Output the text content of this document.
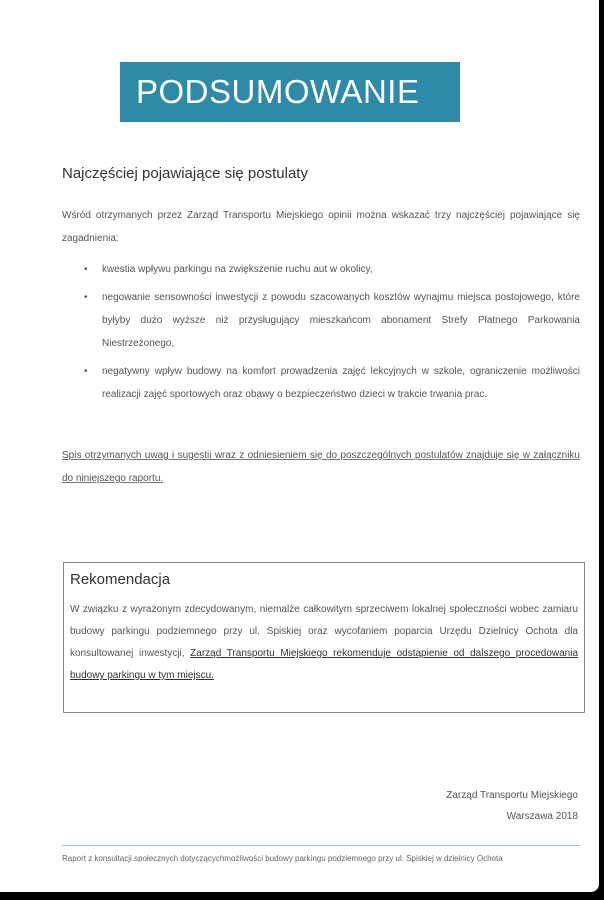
PODSUMOWANIE
Najczęściej pojawiające się postulaty
Wśród otrzymanych przez Zarząd Transportu Miejskiego opinii można wskazać trzy najczęściej pojawiające się zagadnienia:
• kwestia wpływu parkingu na zwiększenie ruchu aut w okolicy,
• negowanie sensowności inwestycji z powodu szacowanych kosztów wynajmu miejsca postojowego, które byłyby dużo wyższe niż przysługujący mieszkańcom abonament Strefy Płatnego Parkowania Niestrzeżonego,
• negatywny wpływ budowy na komfort prowadzenia zajęć lekcyjnych w szkole, ograniczenie możliwości realizacji zajęć sportowych oraz obawy o bezpieczeństwo dzieci w trakcie trwania prac.
Spis otrzymanych uwag i sugestii wraz z odniesieniem się do poszczególnych postulatów znajduje się w załączniku do niniejszego raportu.
Rekomendacja
W związku z wyrażonym zdecydowanym, niemalże całkowitym sprzeciwem lokalnej społeczności wobec zamiaru budowy parkingu podziemnego przy ul. Spiskiej oraz wycofaniem poparcia Urzędu Dzielnicy Ochota dla konsultowanej inwestycji, Zarząd Transportu Miejskiego rekomenduje odstąpienie od dalszego procedowania budowy parkingu w tym miejscu.
Zarząd Transportu Miejskiego
Warszawa 2018
Raport z konsultacji społecznych dotyczącychmożliwości budowy parkingu podziemnego przy ul. Spiskiej w dzielnicy Ochota
